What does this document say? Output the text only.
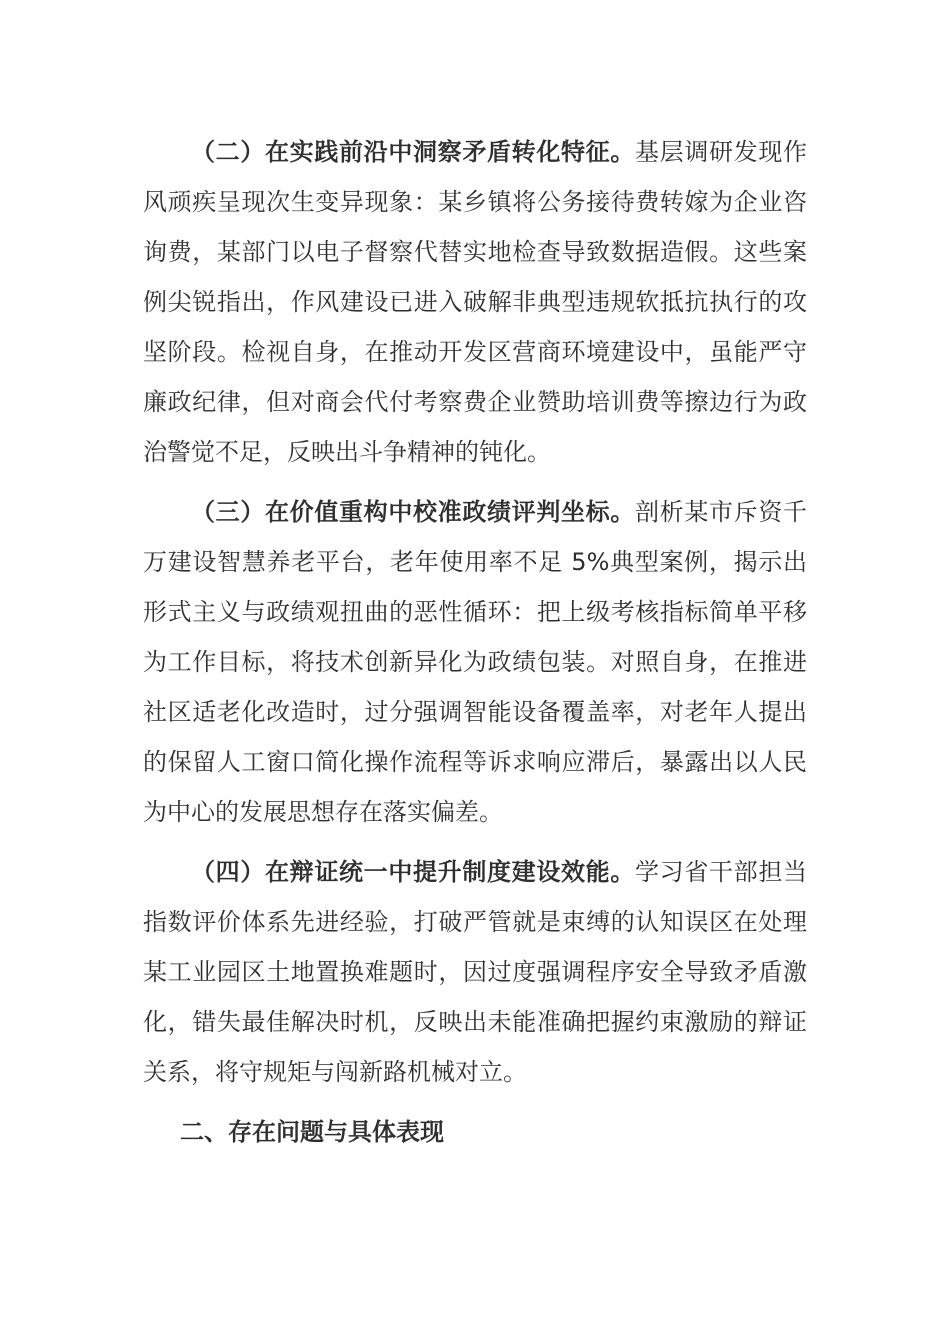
（二）在实践前沿中洞察矛盾转化特征。基层调研发现作风顽疾呈现次生变异现象：某乡镇将公务接待费转嫁为企业咨询费，某部门以电子督察代替实地检查导致数据造假。这些案例尖锐指出，作风建设已进入破解非典型违规软抵抗执行的攻坚阶段。检视自身，在推动开发区营商环境建设中，虽能严守廉政纪律，但对商会代付考察费企业赞助培训费等擦边行为政治警觉不足，反映出斗争精神的钝化。

（三）在价值重构中校准政绩评判坐标。剖析某市斥资千万建设智慧养老平台，老年使用率不足 5%典型案例，揭示出形式主义与政绩观扭曲的恶性循环：把上级考核指标简单平移为工作目标，将技术创新异化为政绩包装。对照自身，在推进社区适老化改造时，过分强调智能设备覆盖率，对老年人提出的保留人工窗口简化操作流程等诉求响应滞后，暴露出以人民为中心的发展思想存在落实偏差。

（四）在辩证统一中提升制度建设效能。学习省干部担当指数评价体系先进经验，打破严管就是束缚的认知误区在处理某工业园区土地置换难题时，因过度强调程序安全导致矛盾激化，错失最佳解决时机，反映出未能准确把握约束激励的辩证关系，将守规矩与闯新路机械对立。

二、存在问题与具体表现
